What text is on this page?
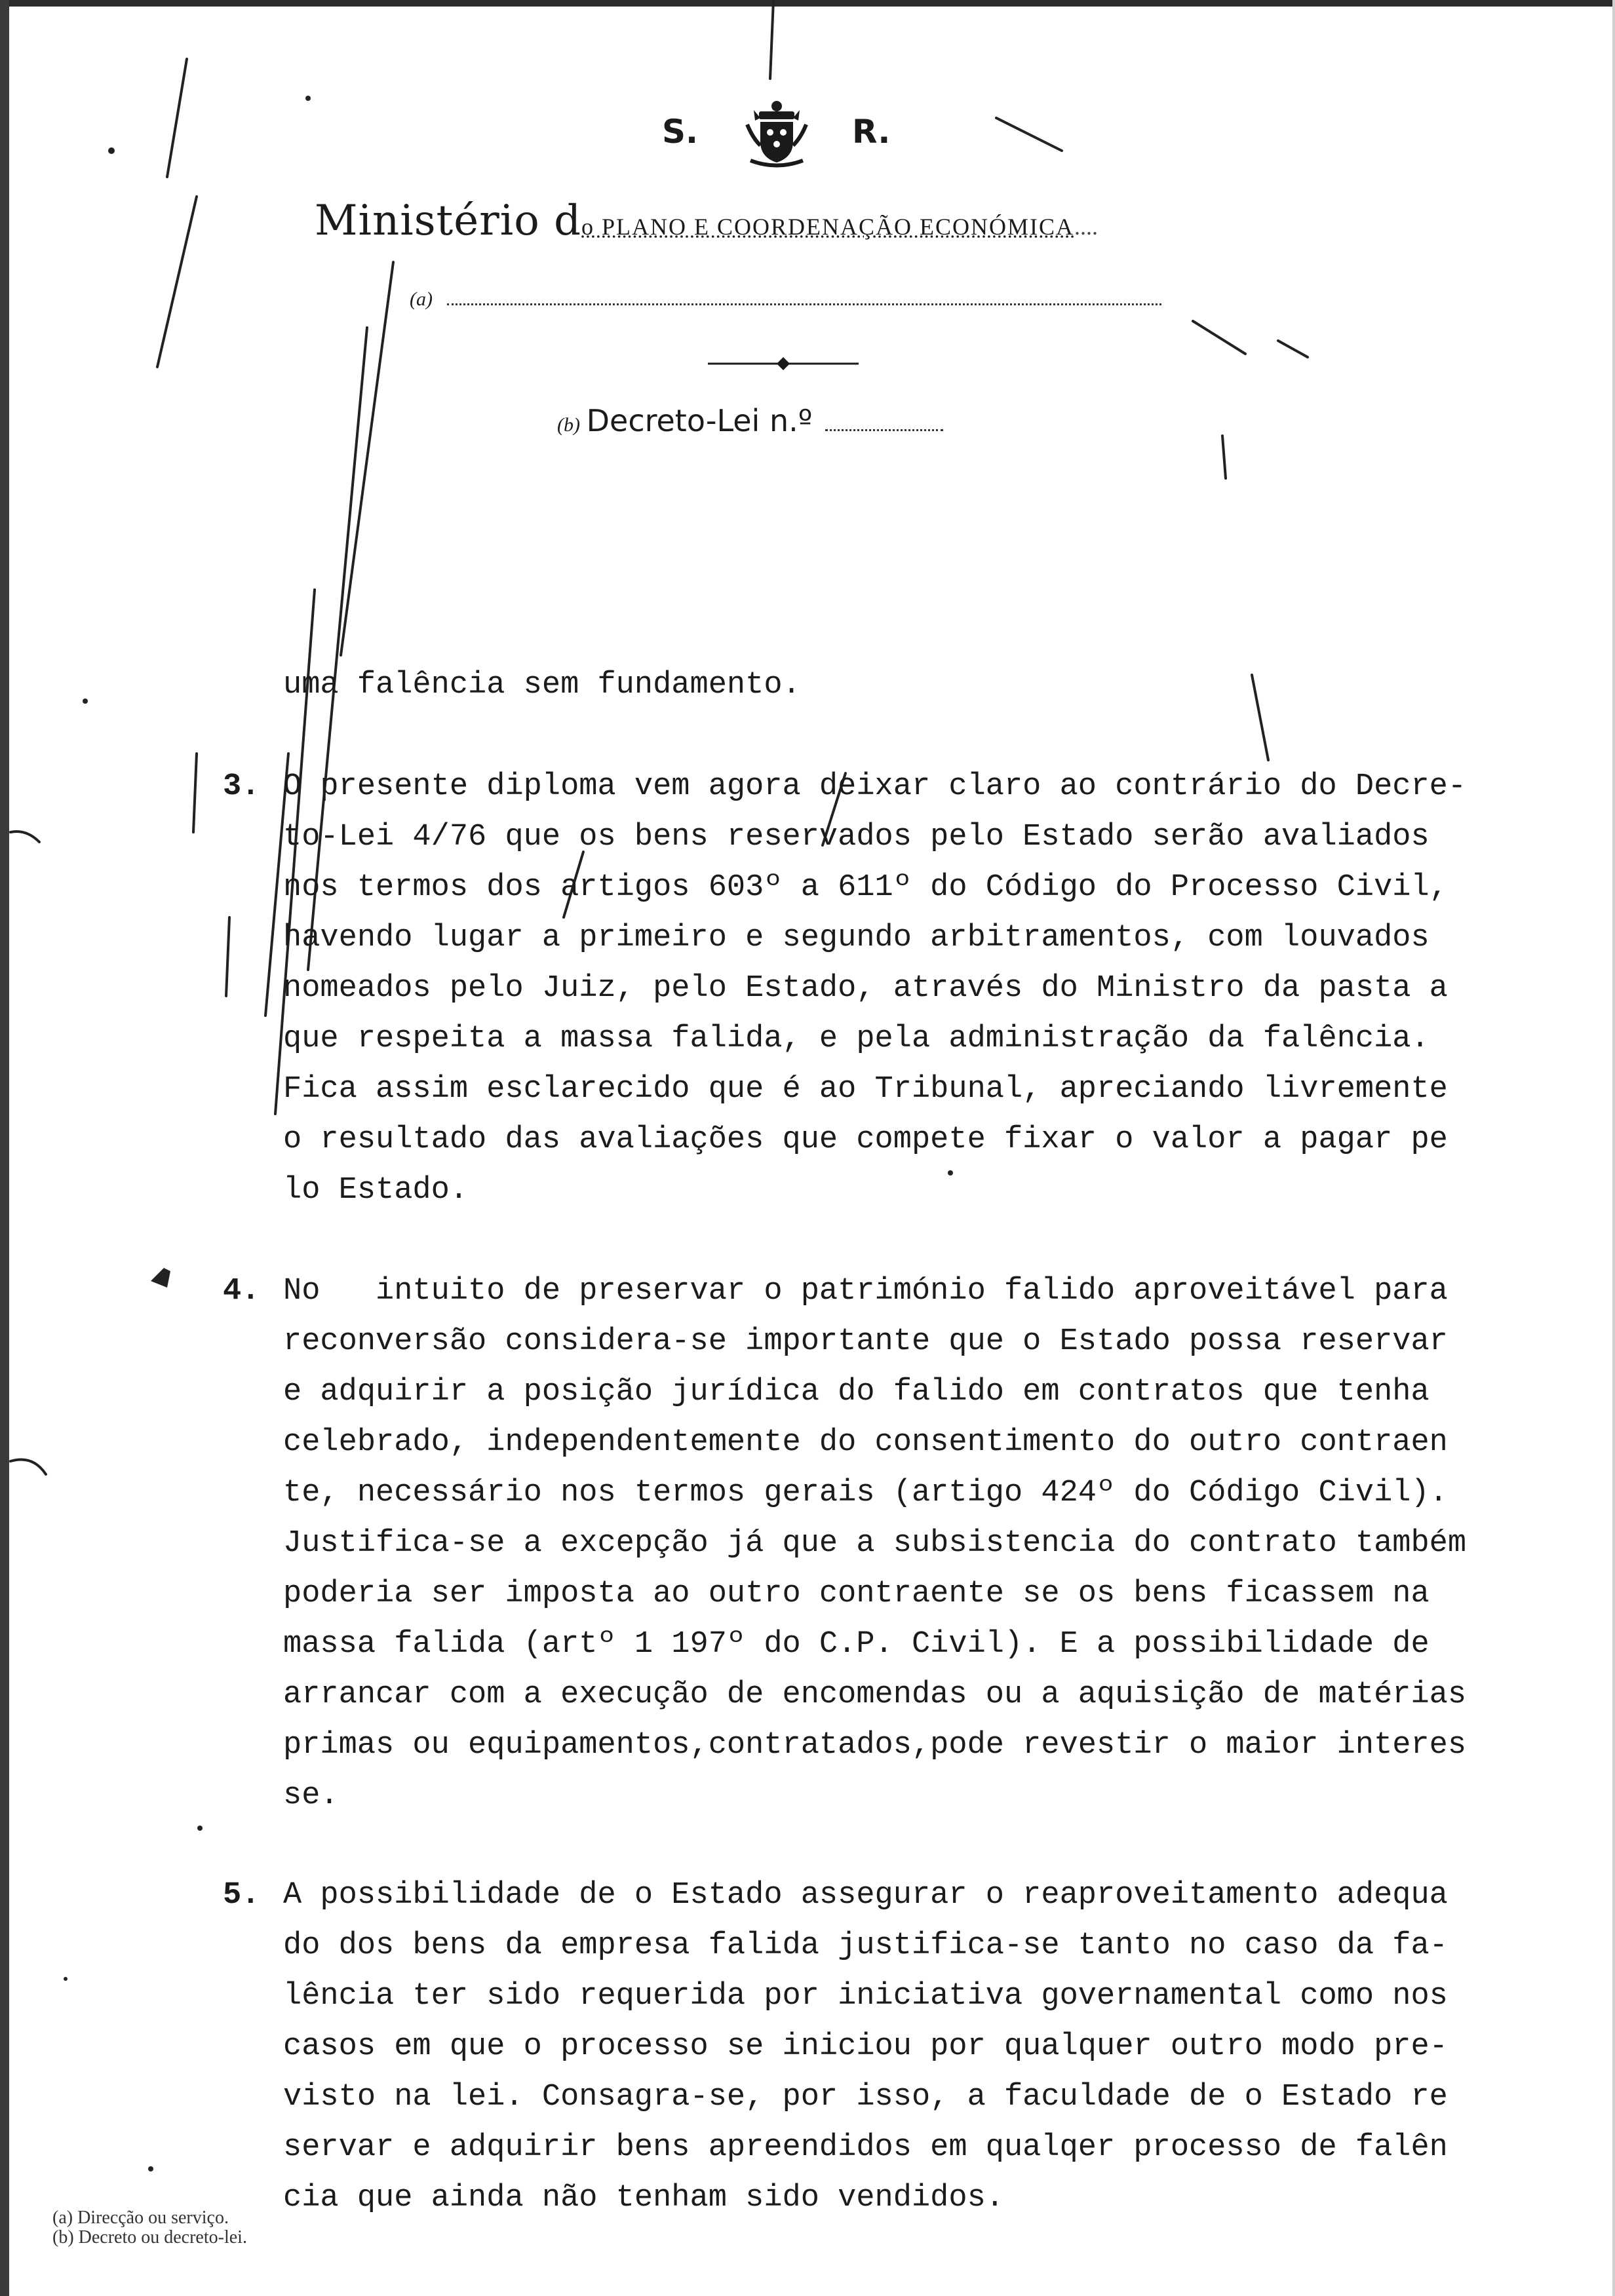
S.	R.
Ministério do PLANO E COORDENAÇÃO ECONÓMICA....
(a)
(b) Decreto-Lei n.º

uma falência sem fundamento.

3.

O presente diploma vem agora deixar claro ao contrário do Decre-

to-Lei 4/76 que os bens reservados pelo Estado serão avaliados

nos termos dos artigos 603º a 611º do Código do Processo Civil,

havendo lugar a primeiro e segundo arbitramentos, com louvados

nomeados pelo Juiz, pelo Estado, através do Ministro da pasta a

que respeita a massa falida, e pela administração da falência.

Fica assim esclarecido que é ao Tribunal, apreciando livremente

o resultado das avaliações que compete fixar o valor a pagar pe

lo Estado.

4.

No   intuito de preservar o património falido aproveitável para

reconversão considera-se importante que o Estado possa reservar

e adquirir a posição jurídica do falido em contratos que tenha

celebrado, independentemente do consentimento do outro contraen

te, necessário nos termos gerais (artigo 424º do Código Civil).

Justifica-se a excepção já que a subsistencia do contrato também

poderia ser imposta ao outro contraente se os bens ficassem na

massa falida (artº 1 197º do C.P. Civil). E a possibilidade de

arrancar com a execução de encomendas ou a aquisição de matérias

primas ou equipamentos,contratados,pode revestir o maior interes

se.

5.

A possibilidade de o Estado assegurar o reaproveitamento adequa

do dos bens da empresa falida justifica-se tanto no caso da fa-

lência ter sido requerida por iniciativa governamental como nos

casos em que o processo se iniciou por qualquer outro modo pre-

visto na lei. Consagra-se, por isso, a faculdade de o Estado re

servar e adquirir bens apreendidos em qualqer processo de falên

cia que ainda não tenham sido vendidos.

(a) Direcção ou serviço.
(b) Decreto ou decreto-lei.
